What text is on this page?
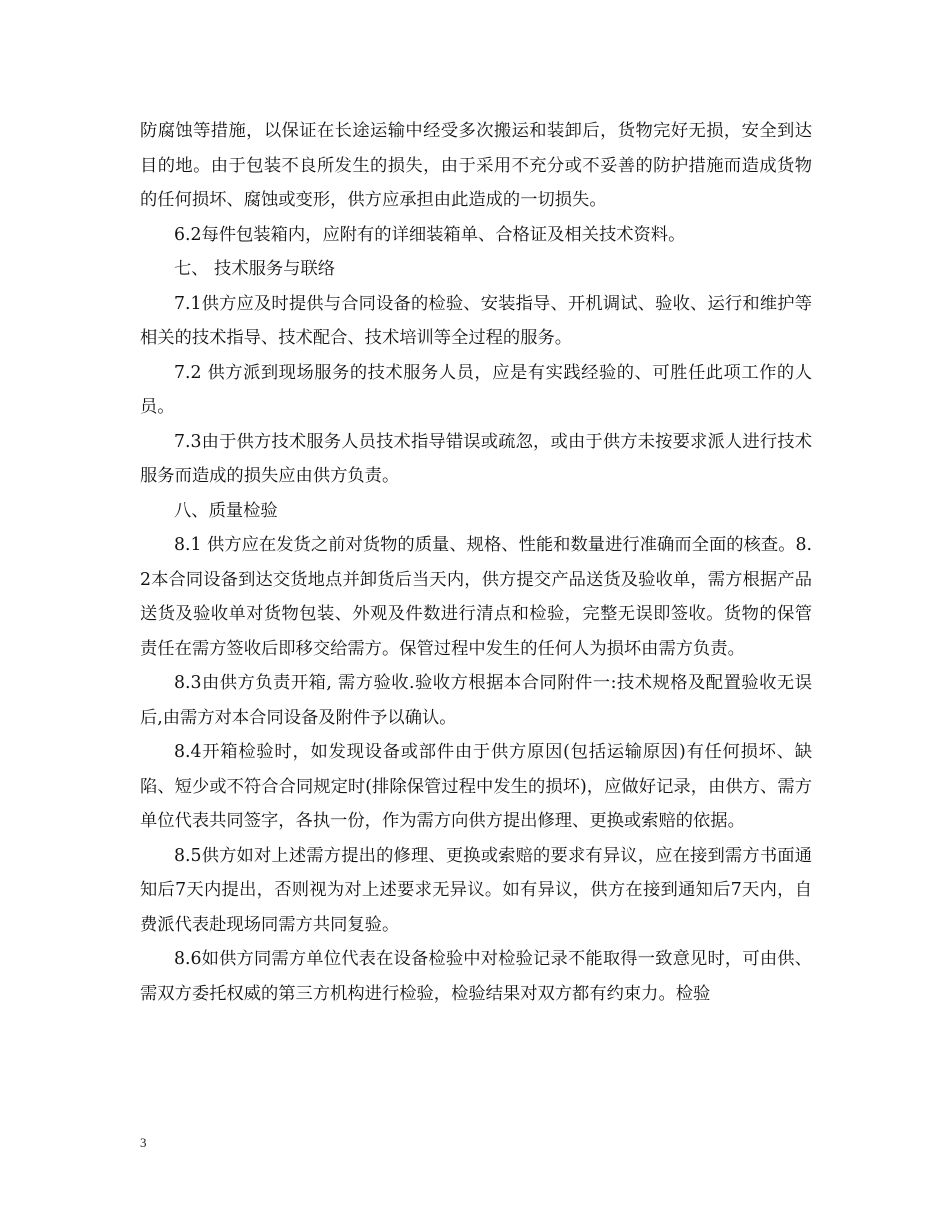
防腐蚀等措施，以保证在长途运输中经受多次搬运和装卸后，货物完好无损，安全到达目的地。由于包装不良所发生的损失，由于采用不充分或不妥善的防护措施而造成货物的任何损坏、腐蚀或变形，供方应承担由此造成的一切损失。

6.2每件包装箱内，应附有的详细装箱单、合格证及相关技术资料。

七、 技术服务与联络

7.1供方应及时提供与合同设备的检验、安装指导、开机调试、验收、运行和维护等相关的技术指导、技术配合、技术培训等全过程的服务。

7.2 供方派到现场服务的技术服务人员，应是有实践经验的、可胜任此项工作的人员。

7.3由于供方技术服务人员技术指导错误或疏忽，或由于供方未按要求派人进行技术服务而造成的损失应由供方负责。

八、质量检验

8.1 供方应在发货之前对货物的质量、规格、性能和数量进行准确而全面的核查。8.2本合同设备到达交货地点并卸货后当天内，供方提交产品送货及验收单，需方根据产品送货及验收单对货物包装、外观及件数进行清点和检验，完整无误即签收。货物的保管责任在需方签收后即移交给需方。保管过程中发生的任何人为损坏由需方负责。

8.3由供方负责开箱, 需方验收.验收方根据本合同附件一:技术规格及配置验收无误后,由需方对本合同设备及附件予以确认。

8.4开箱检验时，如发现设备或部件由于供方原因(包括运输原因)有任何损坏、缺陷、短少或不符合合同规定时(排除保管过程中发生的损坏)，应做好记录，由供方、需方单位代表共同签字，各执一份，作为需方向供方提出修理、更换或索赔的依据。

8.5供方如对上述需方提出的修理、更换或索赔的要求有异议，应在接到需方书面通知后7天内提出，否则视为对上述要求无异议。如有异议，供方在接到通知后7天内，自费派代表赴现场同需方共同复验。

8.6如供方同需方单位代表在设备检验中对检验记录不能取得一致意见时，可由供、需双方委托权威的第三方机构进行检验，检验结果对双方都有约束力。检验

3
